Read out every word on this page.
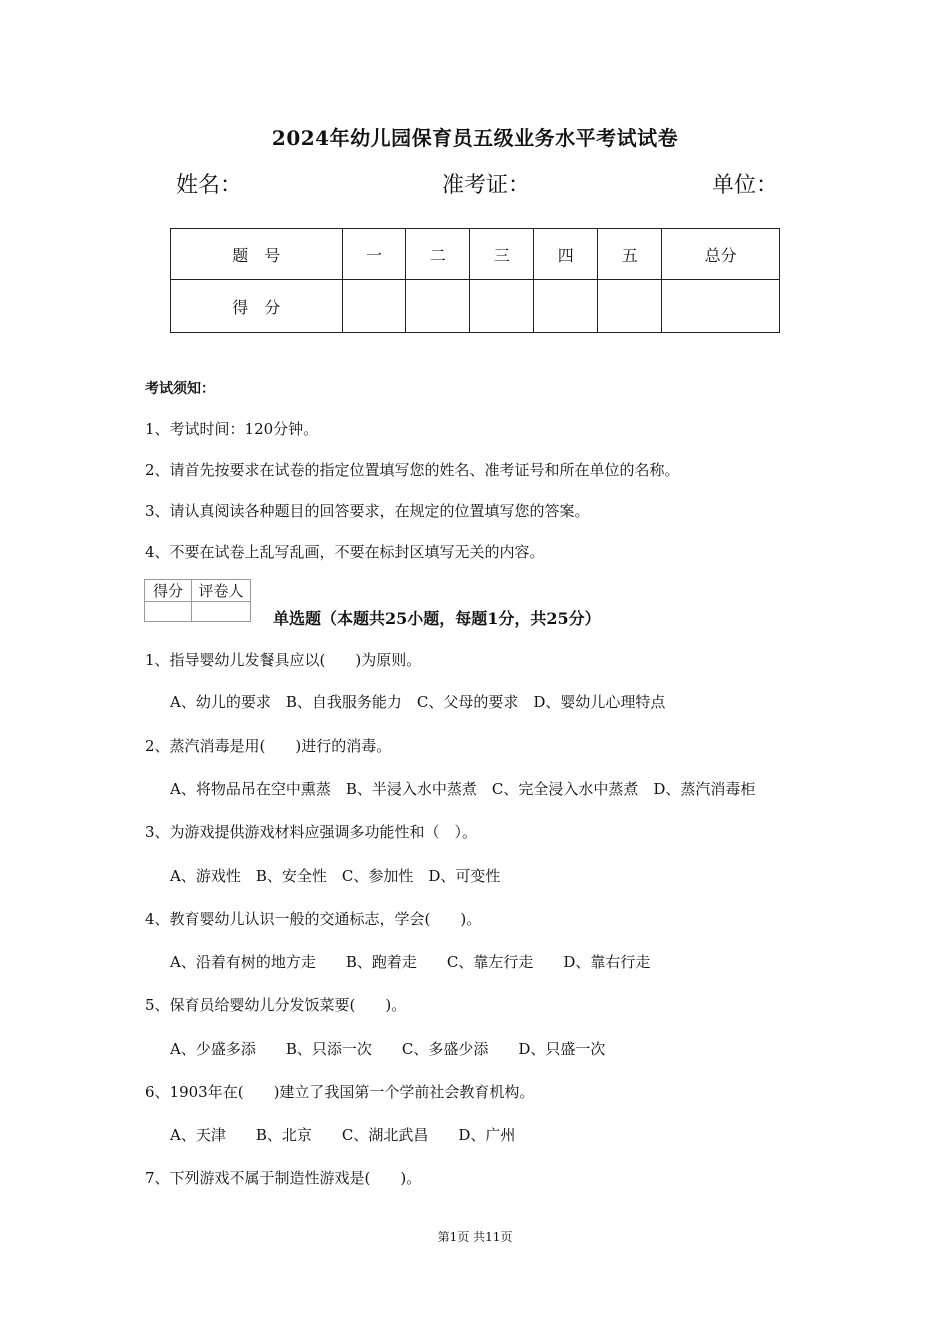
2024年幼儿园保育员五级业务水平考试试卷
姓名：	准考证：	单位：
题　号	一	二	三	四	五	总分
得　分						
考试须知：
1、考试时间：120分钟。
2、请首先按要求在试卷的指定位置填写您的姓名、准考证号和所在单位的名称。
3、请认真阅读各种题目的回答要求，在规定的位置填写您的答案。
4、不要在试卷上乱写乱画，不要在标封区填写无关的内容。
得分	评卷人

单选题（本题共25小题，每题1分，共25分）
1、指导婴幼儿发餐具应以(　　)为原则。
A、幼儿的要求　B、自我服务能力　C、父母的要求　D、婴幼儿心理特点
2、蒸汽消毒是用(　　)进行的消毒。
A、将物品吊在空中熏蒸　B、半浸入水中蒸煮　C、完全浸入水中蒸煮　D、蒸汽消毒柜
3、为游戏提供游戏材料应强调多功能性和（　）。
A、游戏性　B、安全性　C、参加性　D、可变性
4、教育婴幼儿认识一般的交通标志，学会(　　)。
A、沿着有树的地方走　　B、跑着走　　C、靠左行走　　D、靠右行走
5、保育员给婴幼儿分发饭菜要(　　)。
A、少盛多添　　B、只添一次　　C、多盛少添　　D、只盛一次
6、1903年在(　　)建立了我国第一个学前社会教育机构。
A、天津　　B、北京　　C、湖北武昌　　D、广州
7、下列游戏不属于制造性游戏是(　　)。
第1页 共11页
